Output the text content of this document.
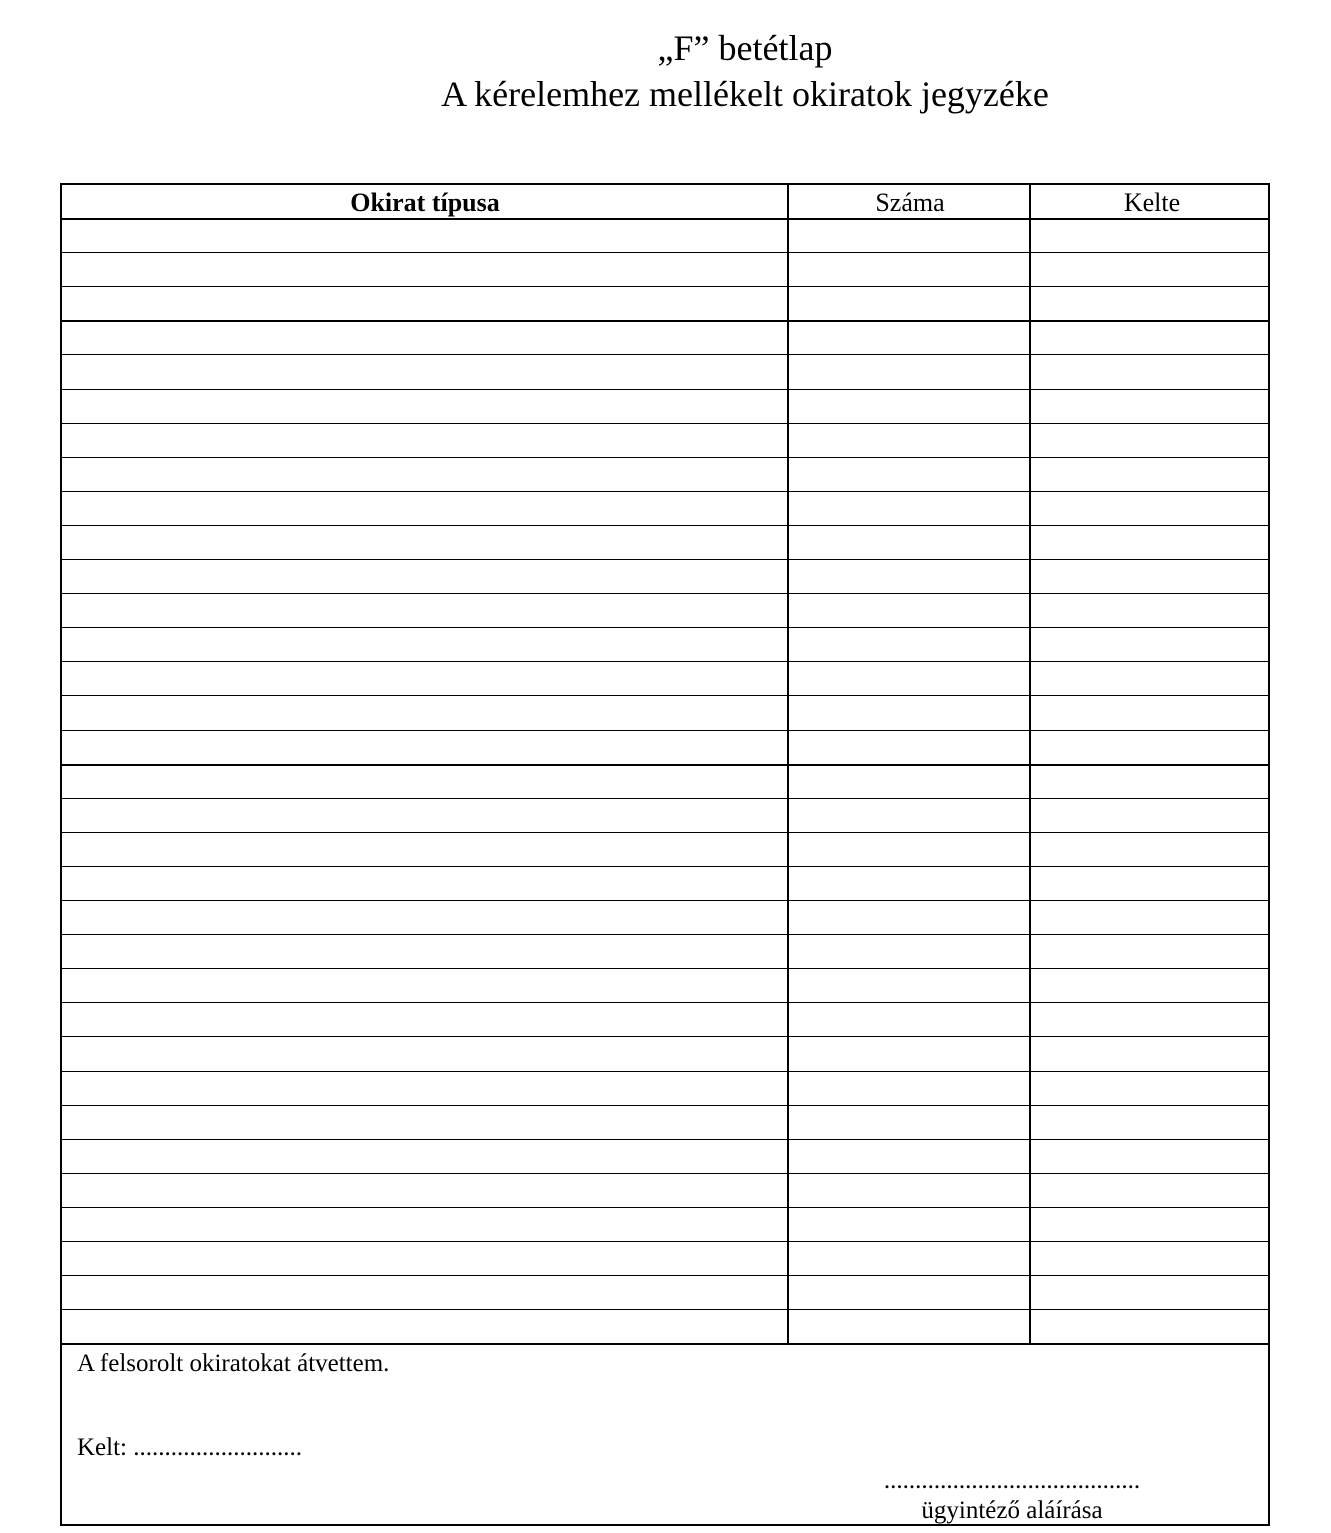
„F” betétlap
A kérelemhez mellékelt okiratok jegyzéke
Okirat típusa	Száma	Kelte
A felsorolt okiratokat átvettem.
Kelt: ...........................
.........................................
ügyintéző aláírása
